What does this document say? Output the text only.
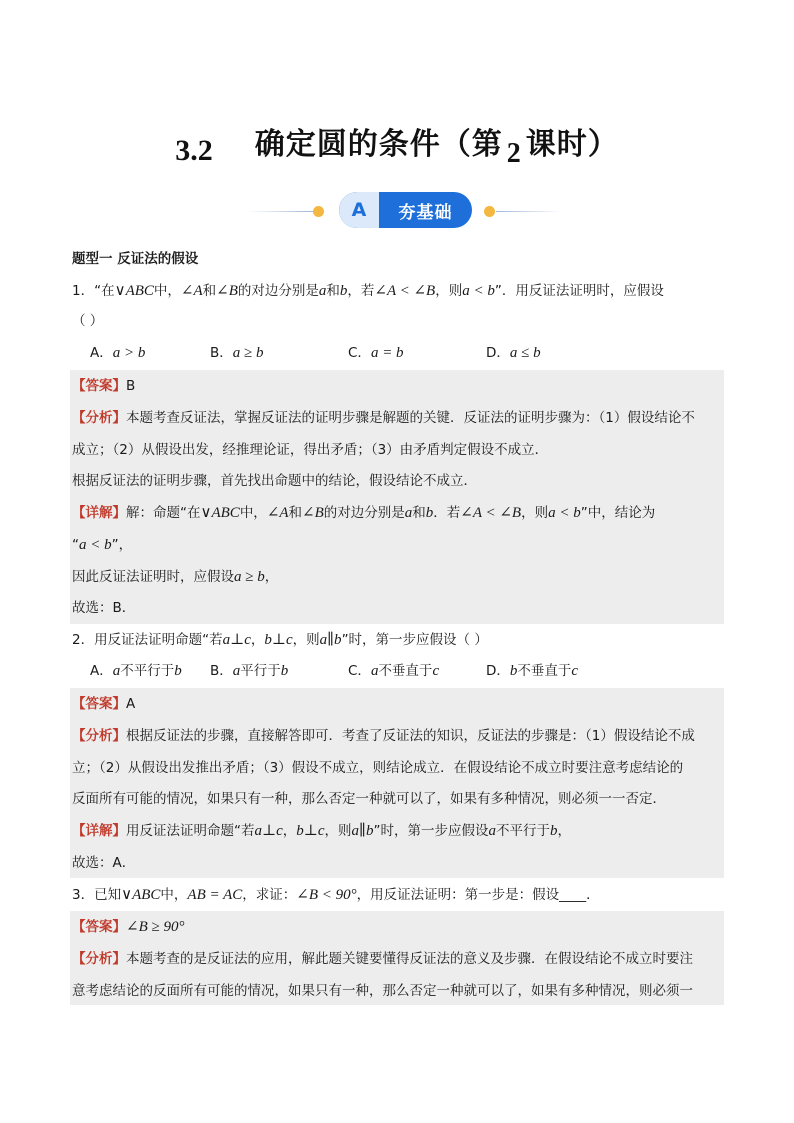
3.2 确定圆的条件（第 2 课时）
A	夯基础
题型一 反证法的假设
1．“在∨ABC中，∠A和∠B的对边分别是a和b，若∠A < ∠B，则a < b”．用反证法证明时，应假设
（ ）
A．a > b	B．a ≥ b	C．a = b	D．a ≤ b
【答案】B
【分析】本题考查反证法，掌握反证法的证明步骤是解题的关键．反证法的证明步骤为：（1）假设结论不
成立；（2）从假设出发，经推理论证，得出矛盾；（3）由矛盾判定假设不成立．
根据反证法的证明步骤，首先找出命题中的结论，假设结论不成立．
【详解】解：命题“在∨ABC中，∠A和∠B的对边分别是a和b．若∠A < ∠B，则a < b”中，结论为
“a < b”，
因此反证法证明时，应假设a ≥ b，
故选：B．
2．用反证法证明命题“若a⊥c，b⊥c，则a∥b”时，第一步应假设（ ）
A．a不平行于b B．a平行于b	C．a不垂直于c	D．b不垂直于c
【答案】A
【分析】根据反证法的步骤，直接解答即可．考查了反证法的知识，反证法的步骤是：（1）假设结论不成
立；（2）从假设出发推出矛盾；（3）假设不成立，则结论成立．在假设结论不成立时要注意考虑结论的
反面所有可能的情况，如果只有一种，那么否定一种就可以了，如果有多种情况，则必须一一否定．
【详解】用反证法证明命题“若a⊥c，b⊥c，则a∥b”时，第一步应假设a不平行于b，
故选：A．
3．已知∨ABC中，AB = AC，求证：∠B < 90°，用反证法证明：第一步是：假设____．
【答案】∠B ≥ 90°
【分析】本题考查的是反证法的应用，解此题关键要懂得反证法的意义及步骤．在假设结论不成立时要注
意考虑结论的反面所有可能的情况，如果只有一种，那么否定一种就可以了，如果有多种情况，则必须一
